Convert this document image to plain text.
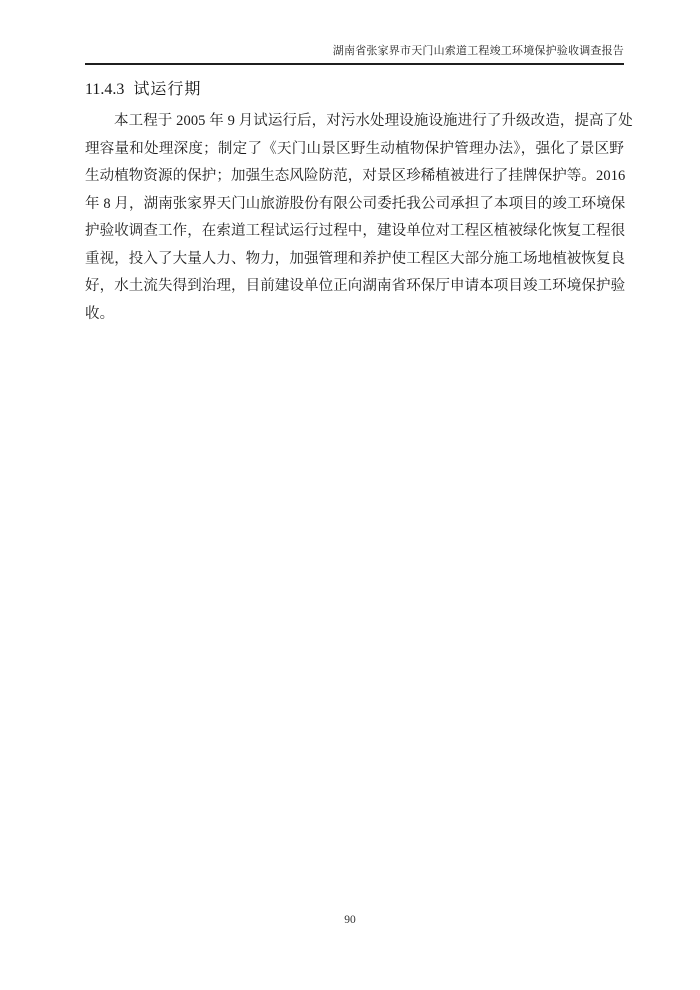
湖南省张家界市天门山索道工程竣工环境保护验收调查报告
11.4.3 试运行期
本工程于 2005 年 9 月试运行后，对污水处理设施设施进行了升级改造，提高了处
理容量和处理深度；制定了《天门山景区野生动植物保护管理办法》，强化了景区野
生动植物资源的保护；加强生态风险防范，对景区珍稀植被进行了挂牌保护等。2016
年 8 月，湖南张家界天门山旅游股份有限公司委托我公司承担了本项目的竣工环境保
护验收调查工作，在索道工程试运行过程中，建设单位对工程区植被绿化恢复工程很
重视，投入了大量人力、物力，加强管理和养护使工程区大部分施工场地植被恢复良
好，水土流失得到治理，目前建设单位正向湖南省环保厅申请本项目竣工环境保护验
收。
90
